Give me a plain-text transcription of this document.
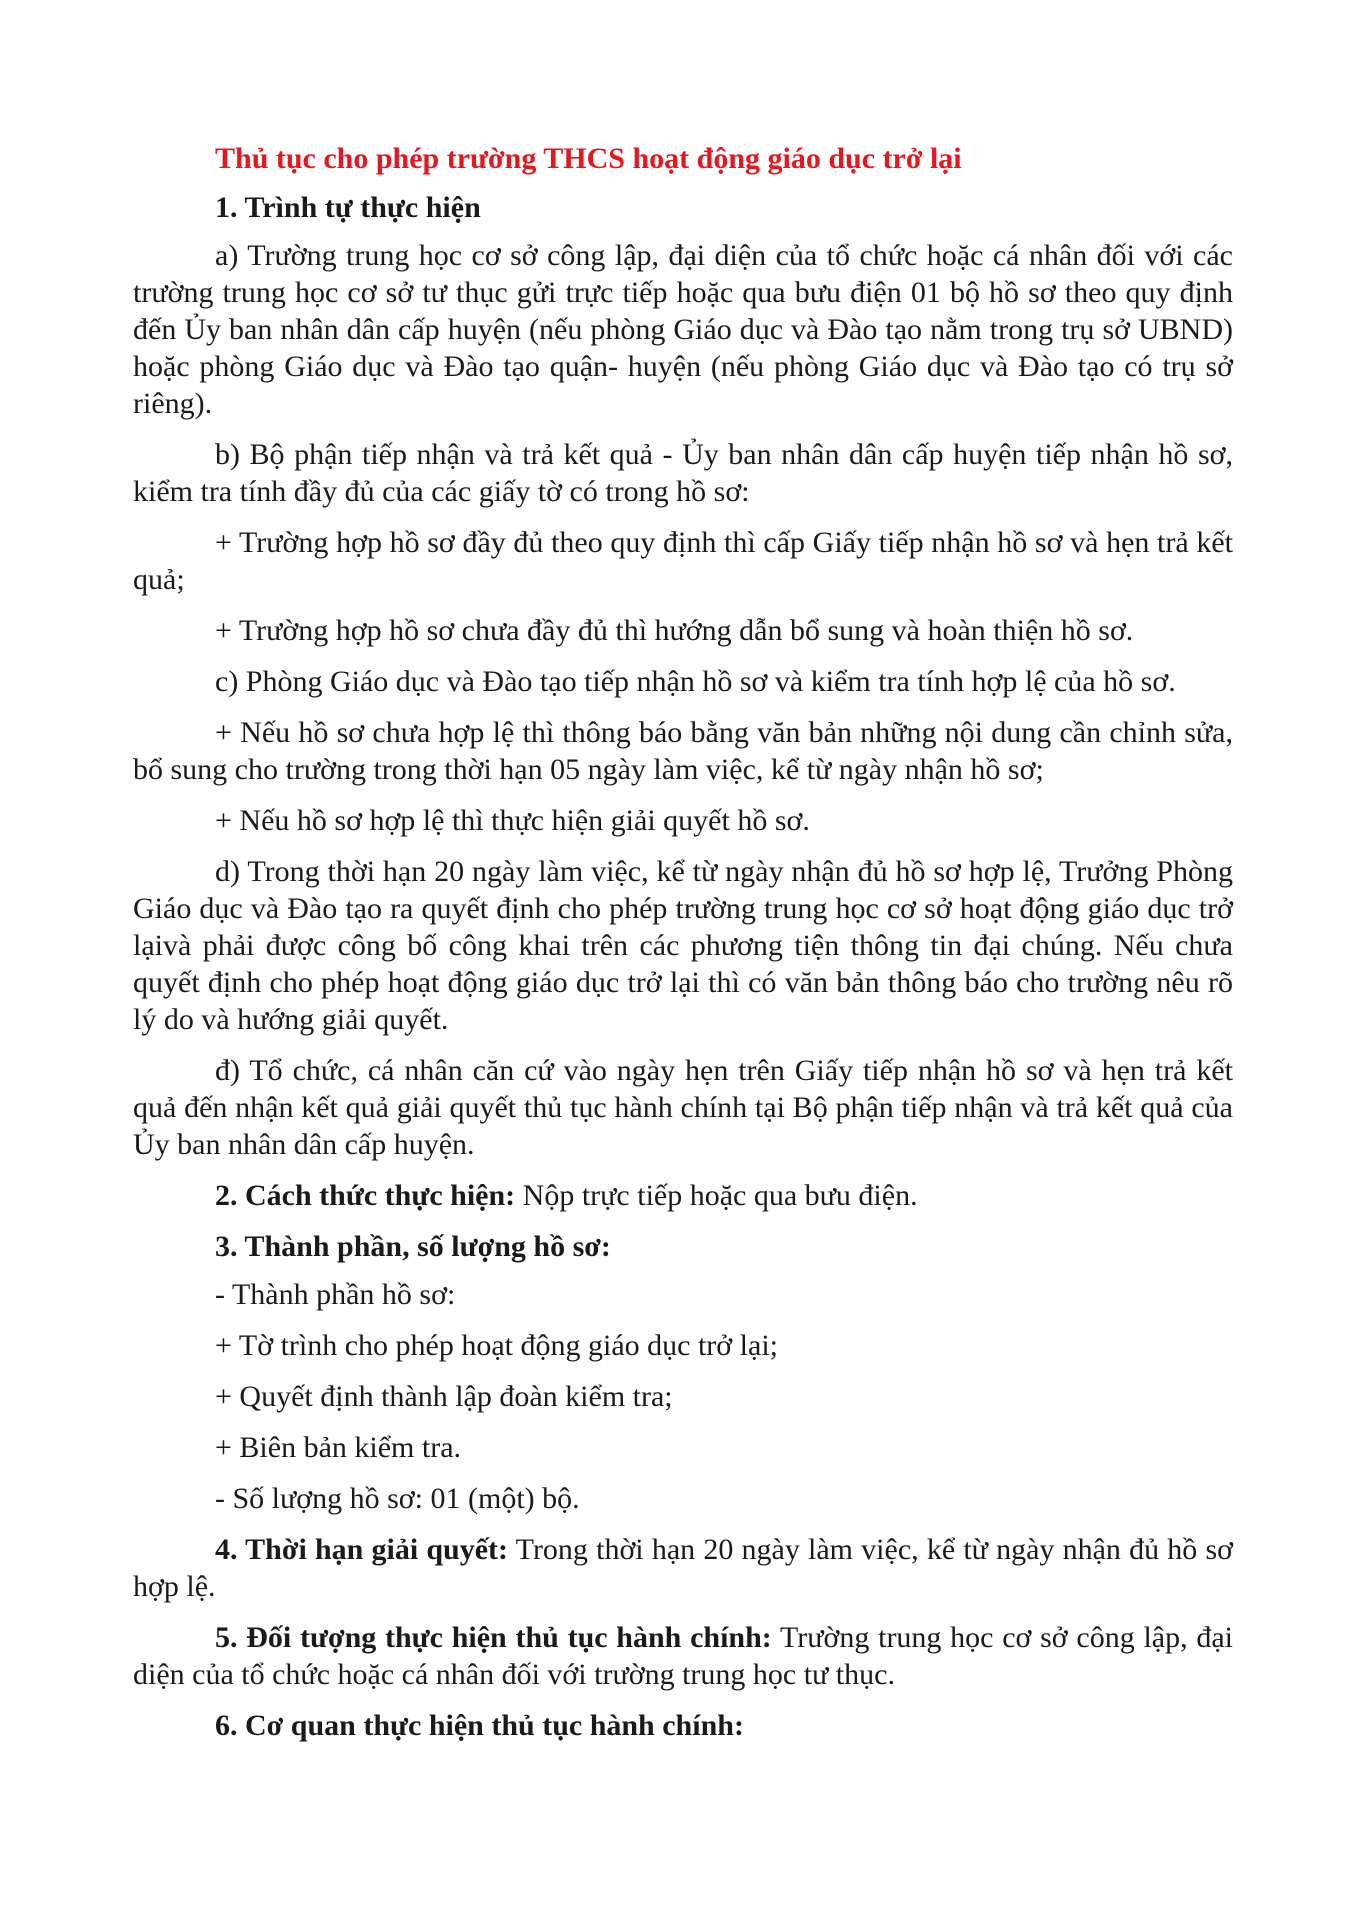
Thủ tục cho phép trường THCS hoạt động giáo dục trở lại
1. Trình tự thực hiện
a) Trường trung học cơ sở công lập, đại diện của tổ chức hoặc cá nhân đối với các trường trung học cơ sở tư thục gửi trực tiếp hoặc qua bưu điện 01 bộ hồ sơ theo quy định đến Ủy ban nhân dân cấp huyện (nếu phòng Giáo dục và Đào tạo nằm trong trụ sở UBND) hoặc phòng Giáo dục và Đào tạo quận- huyện (nếu phòng Giáo dục và Đào tạo có trụ sở riêng).
b) Bộ phận tiếp nhận và trả kết quả - Ủy ban nhân dân cấp huyện tiếp nhận hồ sơ, kiểm tra tính đầy đủ của các giấy tờ có trong hồ sơ:
+ Trường hợp hồ sơ đầy đủ theo quy định thì cấp Giấy tiếp nhận hồ sơ và hẹn trả kết quả;
+ Trường hợp hồ sơ chưa đầy đủ thì hướng dẫn bổ sung và hoàn thiện hồ sơ.
c) Phòng Giáo dục và Đào tạo tiếp nhận hồ sơ và kiểm tra tính hợp lệ của hồ sơ.
+ Nếu hồ sơ chưa hợp lệ thì thông báo bằng văn bản những nội dung cần chỉnh sửa, bổ sung cho trường trong thời hạn 05 ngày làm việc, kể từ ngày nhận hồ sơ;
+ Nếu hồ sơ hợp lệ thì thực hiện giải quyết hồ sơ.
d) Trong thời hạn 20 ngày làm việc, kể từ ngày nhận đủ hồ sơ hợp lệ, Trưởng Phòng Giáo dục và Đào tạo ra quyết định cho phép trường trung học cơ sở hoạt động giáo dục trở lạivà phải được công bố công khai trên các phương tiện thông tin đại chúng. Nếu chưa quyết định cho phép hoạt động giáo dục trở lại thì có văn bản thông báo cho trường nêu rõ lý do và hướng giải quyết.
đ) Tổ chức, cá nhân căn cứ vào ngày hẹn trên Giấy tiếp nhận hồ sơ và hẹn trả kết quả đến nhận kết quả giải quyết thủ tục hành chính tại Bộ phận tiếp nhận và trả kết quả của Ủy ban nhân dân cấp huyện.
2. Cách thức thực hiện: Nộp trực tiếp hoặc qua bưu điện.
3. Thành phần, số lượng hồ sơ:
- Thành phần hồ sơ:
+ Tờ trình cho phép hoạt động giáo dục trở lại;
+ Quyết định thành lập đoàn kiểm tra;
+ Biên bản kiểm tra.
- Số lượng hồ sơ: 01 (một) bộ.
4. Thời hạn giải quyết: Trong thời hạn 20 ngày làm việc, kể từ ngày nhận đủ hồ sơ hợp lệ.
5. Đối tượng thực hiện thủ tục hành chính: Trường trung học cơ sở công lập, đại diện của tổ chức hoặc cá nhân đối với trường trung học tư thục.
6. Cơ quan thực hiện thủ tục hành chính:
